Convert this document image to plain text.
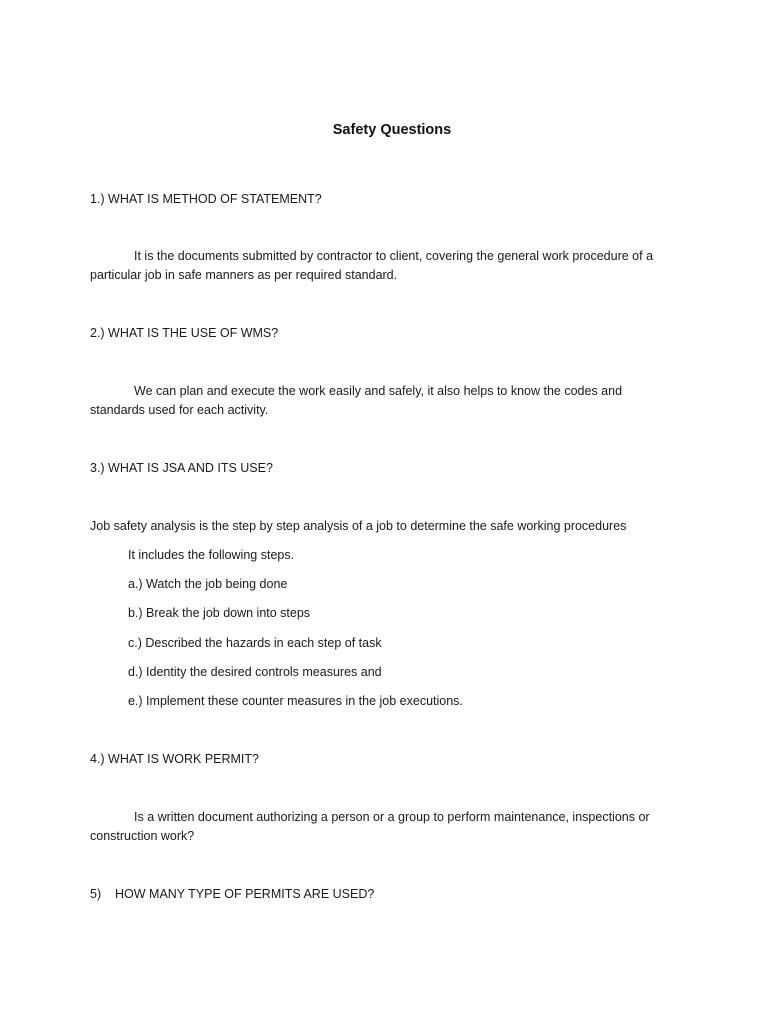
Safety Questions
1.) WHAT IS METHOD OF STATEMENT?
It is the documents submitted by contractor to client, covering the general work procedure of a
particular job in safe manners as per required standard.
2.) WHAT IS THE USE OF WMS?
We can plan and execute the work easily and safely, it also helps to know the codes and
standards used for each activity.
3.) WHAT IS JSA AND ITS USE?
Job safety analysis is the step by step analysis of a job to determine the safe working procedures
It includes the following steps.
a.) Watch the job being done
b.) Break the job down into steps
c.) Described the hazards in each step of task
d.) Identity the desired controls measures and
e.) Implement these counter measures in the job executions.
4.) WHAT IS WORK PERMIT?
Is a written document authorizing a person or a group to perform maintenance, inspections or
construction work?
5)    HOW MANY TYPE OF PERMITS ARE USED?
